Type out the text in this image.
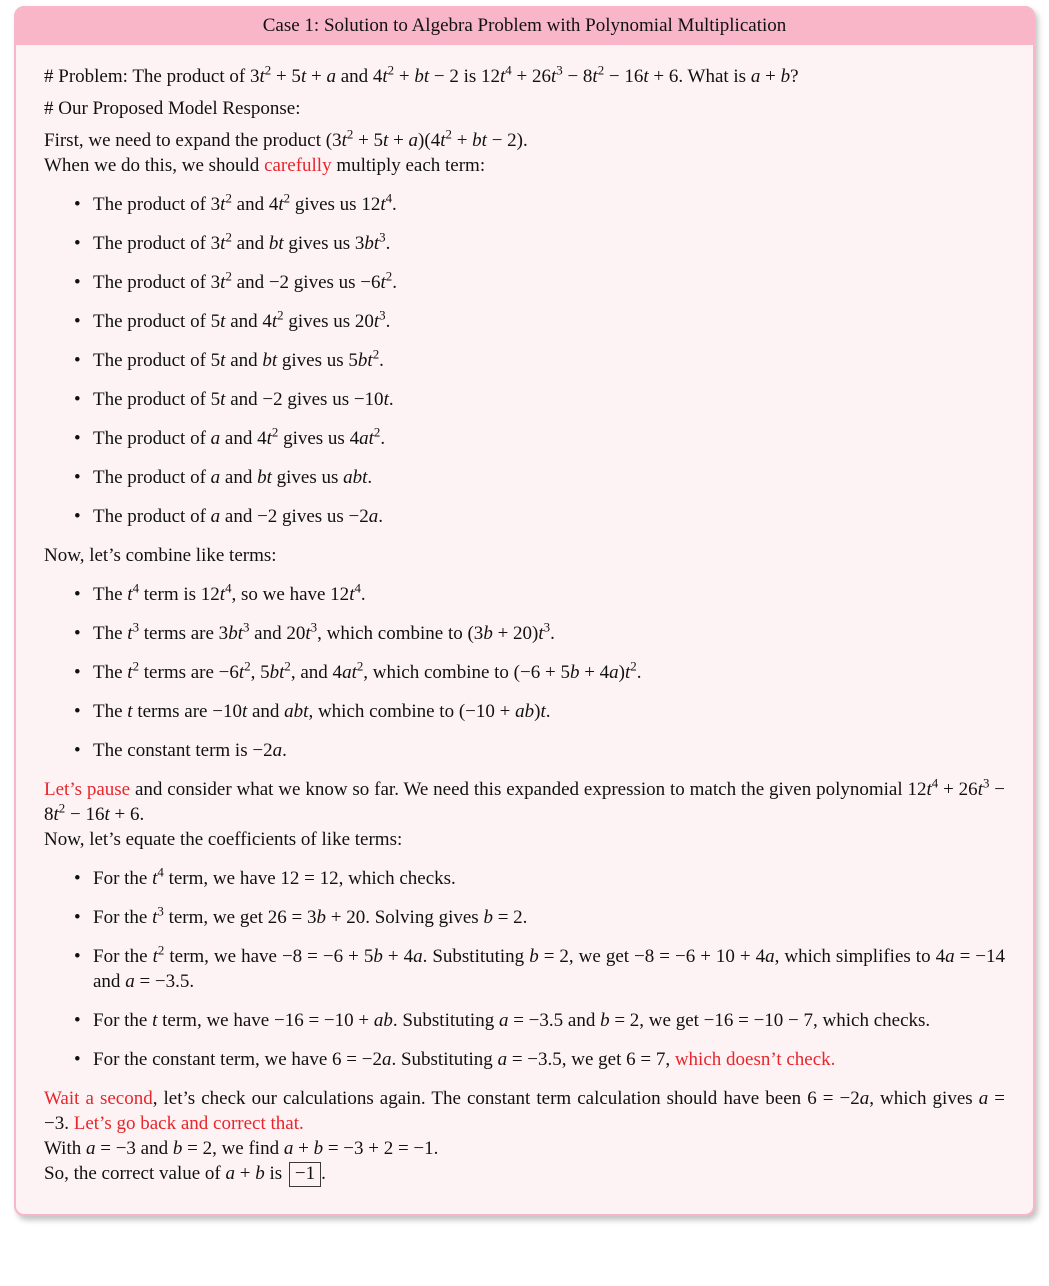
Case 1: Solution to Algebra Problem with Polynomial Multiplication
# Problem: The product of $3t^2 + 5t + a$ and $4t^2$ + bt − 2 is $12t^4 + 26t^3 - 8t^2 - 16t + 6$. What is a + b?
# Our Proposed Model Response:
First, we need to expand the product $(3t^2 + 5t + a)(4t^2$ + bt − 2).
When we do this, we should carefully multiply each term:
• The product of $3t^2$ and $4t^2$ gives us $12t^4$.
• The product of $3t^2$ and bt gives us $3bt^3$.
• The product of $3t^2$ and −2 gives us $-6t^2$.
• The product of 5t and $4t^2$ gives us $20t^3$.
• The product of 5t and bt gives us $5bt^2$.
• The product of 5t and −2 gives us −10t.
• The product of a and $4t^2$ gives us $4at^2$.
• The product of a and bt gives us abt.
• The product of a and −2 gives us −2a.
Now, let’s combine like terms:
• The $t^4$ term is $12t^4$, so we have $12t^4$.
• The $t^3$ terms are $3bt^3$ and $20t^3$, which combine to $(3b + 20)t^3$.
• The $t^2$ terms are $-6t^2$, $5bt^2$, and $4at^2$, which combine to $(-6 + 5b + 4a)t^2$.
• The t terms are −10t and abt, which combine to (−10 + ab)t.
• The constant term is −2a.
Let’s pause and consider what we know so far. We need this expanded expression to match the given polynomial $12t^4 + 26t^3 - 8t^2 - 16t + 6$.
Now, let’s equate the coefficients of like terms:
• For the $t^4$ term, we have 12 = 12, which checks.
• For the $t^3$ term, we get 26 = 3b + 20. Solving gives b = 2.
• For the $t^2$ term, we have −8 = −6 + 5b + 4a. Substituting b = 2, we get −8 = −6 + 10 + 4a, which simplifies to 4a = −14 and a = −3.5.
• For the t term, we have −16 = −10 + ab. Substituting a = −3.5 and b = 2, we get −16 = −10 − 7, which checks.
• For the constant term, we have 6 = −2a. Substituting a = −3.5, we get 6 = 7, which doesn’t check.
Wait a second, let’s check our calculations again. The constant term calculation should have been 6 = −2a, which gives a = −3. Let’s go back and correct that.
With a = −3 and b = 2, we find a + b = −3 + 2 = −1.
So, the correct value of a + b is −1 .
